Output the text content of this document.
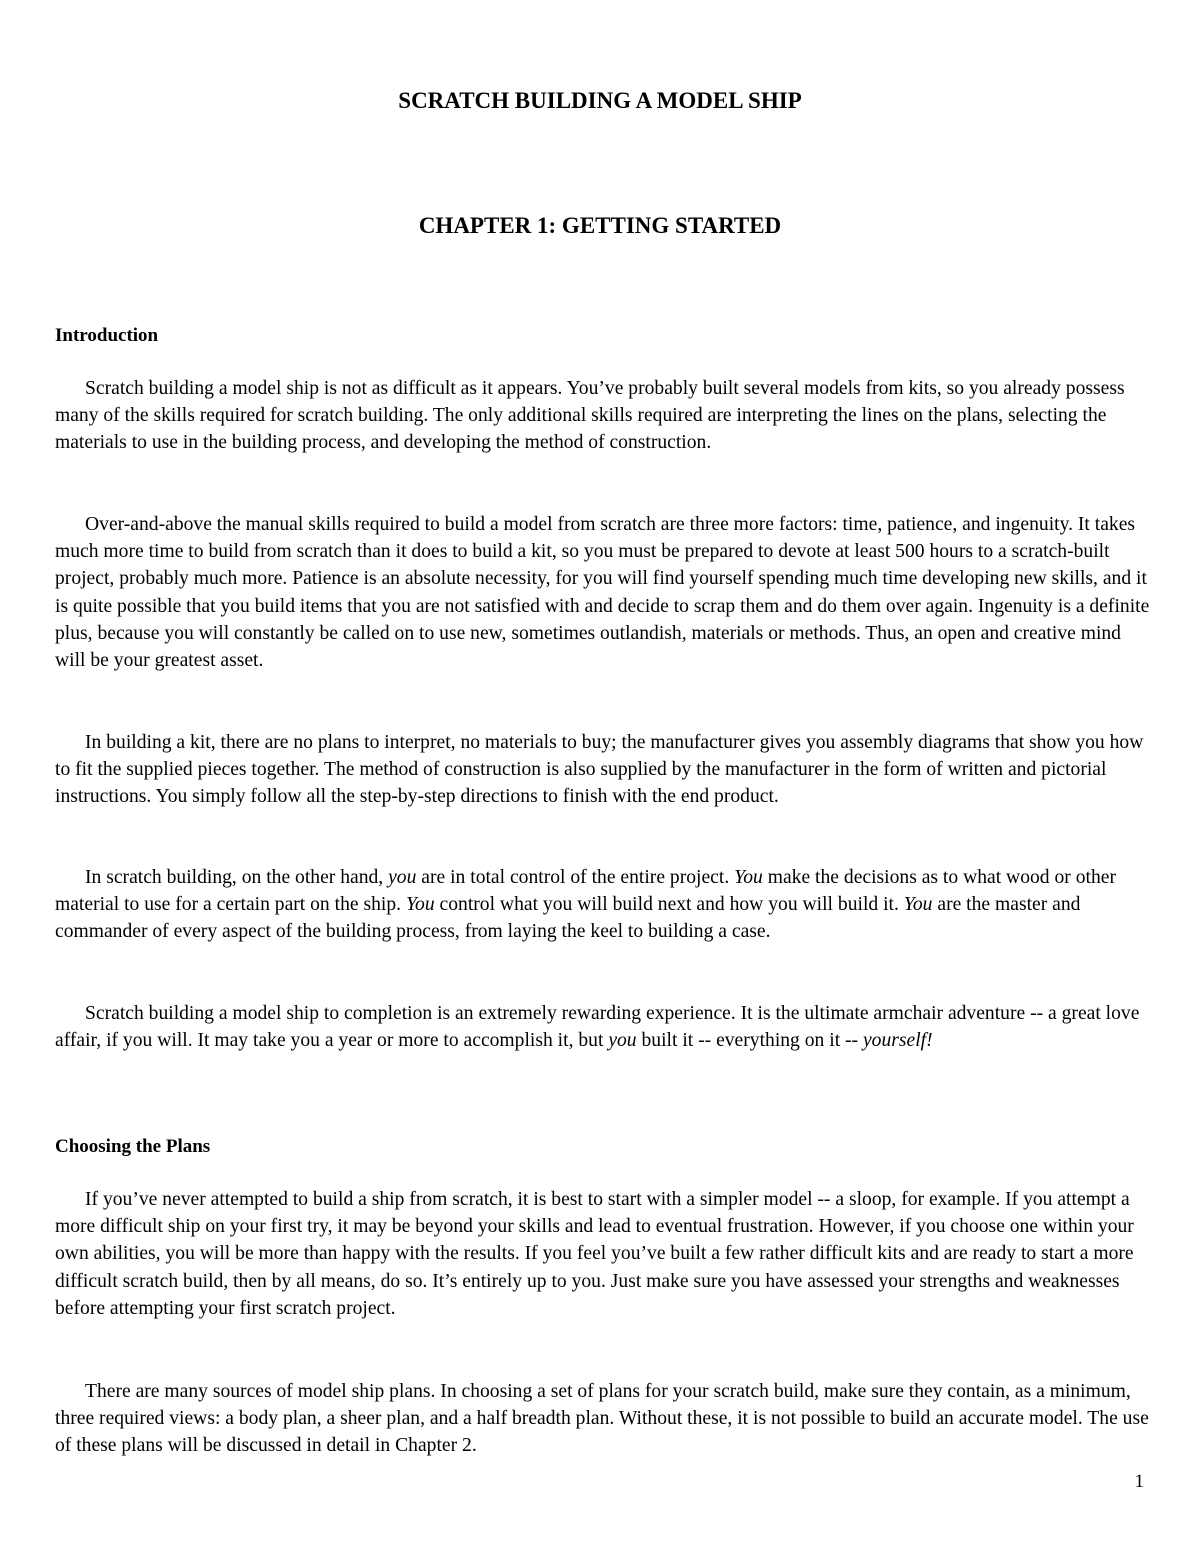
SCRATCH BUILDING A MODEL SHIP
CHAPTER 1: GETTING STARTED
Introduction

Scratch building a model ship is not as difficult as it appears. You’ve probably built several models from kits, so you already possess many of the skills required for scratch building. The only additional skills required are interpreting the lines on the plans, selecting the materials to use in the building process, and developing the method of construction.

Over-and-above the manual skills required to build a model from scratch are three more factors: time, patience, and ingenuity. It takes much more time to build from scratch than it does to build a kit, so you must be prepared to devote at least 500 hours to a scratch-built project, probably much more. Patience is an absolute necessity, for you will find yourself spending much time developing new skills, and it is quite possible that you build items that you are not satisfied with and decide to scrap them and do them over again. Ingenuity is a definite plus, because you will constantly be called on to use new, sometimes outlandish, materials or methods. Thus, an open and creative mind will be your greatest asset.

In building a kit, there are no plans to interpret, no materials to buy; the manufacturer gives you assembly diagrams that show you how to fit the supplied pieces together. The method of construction is also supplied by the manufacturer in the form of written and pictorial instructions. You simply follow all the step-by-step directions to finish with the end product.

In scratch building, on the other hand, you are in total control of the entire project. You make the decisions as to what wood or other material to use for a certain part on the ship. You control what you will build next and how you will build it. You are the master and commander of every aspect of the building process, from laying the keel to building a case.

Scratch building a model ship to completion is an extremely rewarding experience. It is the ultimate armchair adventure -- a great love affair, if you will. It may take you a year or more to accomplish it, but you built it -- everything on it -- yourself!

Choosing the Plans

If you’ve never attempted to build a ship from scratch, it is best to start with a simpler model -- a sloop, for example. If you attempt a more difficult ship on your first try, it may be beyond your skills and lead to eventual frustration. However, if you choose one within your own abilities, you will be more than happy with the results. If you feel you’ve built a few rather difficult kits and are ready to start a more difficult scratch build, then by all means, do so. It’s entirely up to you. Just make sure you have assessed your strengths and weaknesses before attempting your first scratch project.

There are many sources of model ship plans. In choosing a set of plans for your scratch build, make sure they contain, as a minimum, three required views: a body plan, a sheer plan, and a half breadth plan. Without these, it is not possible to build an accurate model. The use of these plans will be discussed in detail in Chapter 2.

1
